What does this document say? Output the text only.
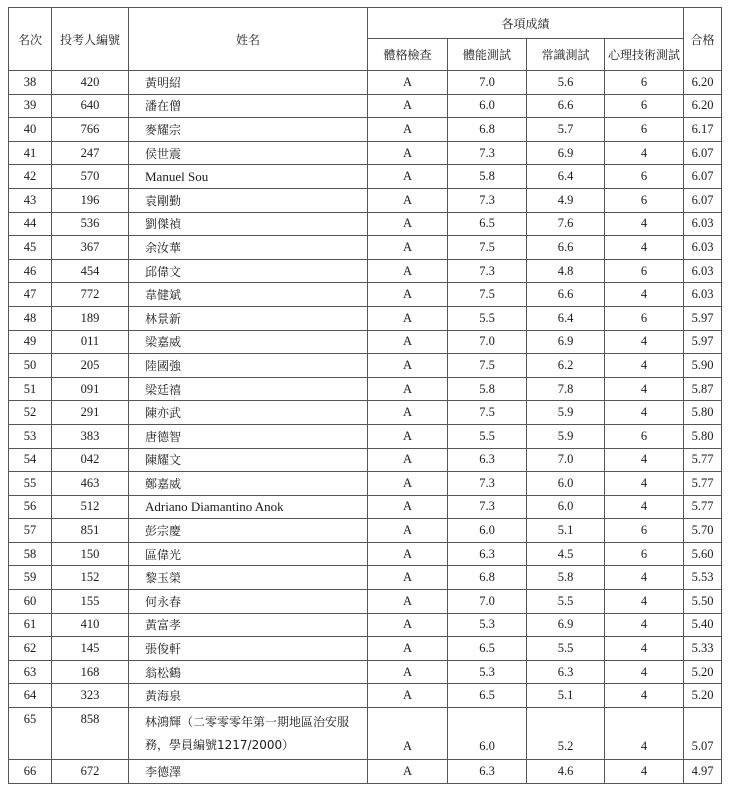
名次	投考人編號	姓名	各項成績				合格
			體格檢查	體能測試	常識測試	心理技術測試	
38	420	黃明紹	A	7.0	5.6	6	6.20
39	640	潘在僧	A	6.0	6.6	6	6.20
40	766	麥耀宗	A	6.8	5.7	6	6.17
41	247	侯世震	A	7.3	6.9	4	6.07
42	570	Manuel Sou	A	5.8	6.4	6	6.07
43	196	袁剛勤	A	7.3	4.9	6	6.07
44	536	劉傑禎	A	6.5	7.6	4	6.03
45	367	余汝華	A	7.5	6.6	4	6.03
46	454	邱偉文	A	7.3	4.8	6	6.03
47	772	韋健斌	A	7.5	6.6	4	6.03
48	189	林景新	A	5.5	6.4	6	5.97
49	011	梁嘉威	A	7.0	6.9	4	5.97
50	205	陸國強	A	7.5	6.2	4	5.90
51	091	梁廷禧	A	5.8	7.8	4	5.87
52	291	陳亦武	A	7.5	5.9	4	5.80
53	383	唐德智	A	5.5	5.9	6	5.80
54	042	陳耀文	A	6.3	7.0	4	5.77
55	463	鄭嘉威	A	7.3	6.0	4	5.77
56	512	Adriano Diamantino Anok	A	7.3	6.0	4	5.77
57	851	彭宗慶	A	6.0	5.1	6	5.70
58	150	區偉光	A	6.3	4.5	6	5.60
59	152	黎玉榮	A	6.8	5.8	4	5.53
60	155	何永春	A	7.0	5.5	4	5.50
61	410	黃富孝	A	5.3	6.9	4	5.40
62	145	張俊軒	A	6.5	5.5	4	5.33
63	168	翁松鶴	A	5.3	6.3	4	5.20
64	323	黃海泉	A	6.5	5.1	4	5.20
65	858	林鴻輝（二零零零年第一期地區治安服
務，學員編號1217/2000）	A	6.0	5.2	4	5.07
66	672	李德澤	A	6.3	4.6	4	4.97
